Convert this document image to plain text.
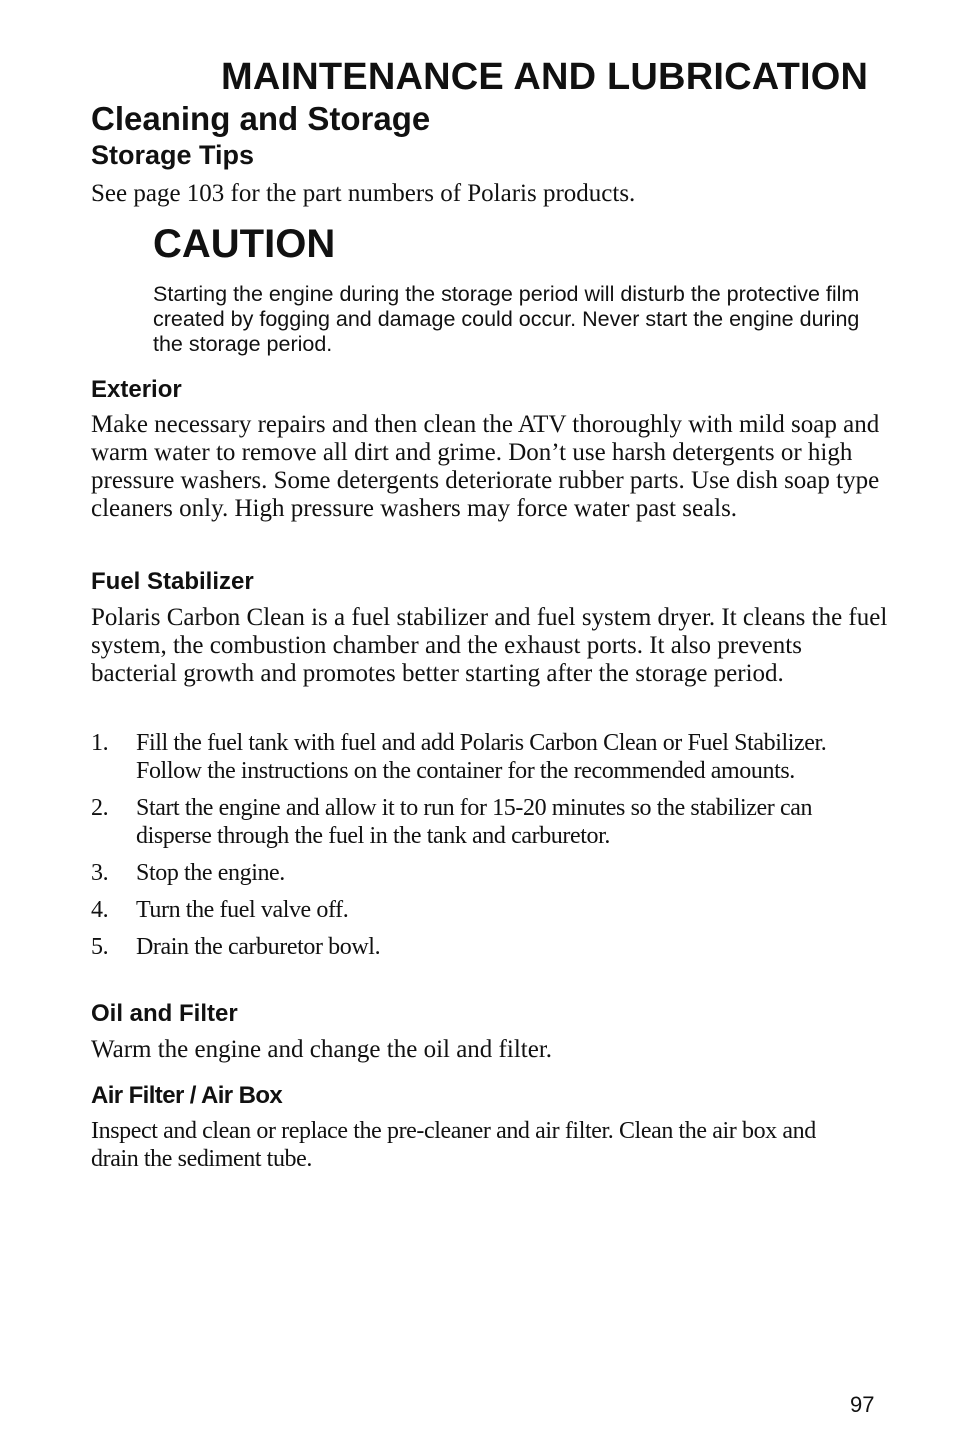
MAINTENANCE AND LUBRICATION
Cleaning and Storage
Storage Tips

See page 103 for the part numbers of Polaris products.

CAUTION

Starting the engine during the storage period will disturb the protective film created by fogging and damage could occur. Never start the engine during the storage period.

Exterior

Make necessary repairs and then clean the ATV thoroughly with mild soap and warm water to remove all dirt and grime. Don’t use harsh detergents or high pressure washers. Some detergents deteriorate rubber parts. Use dish soap type cleaners only. High pressure washers may force water past seals.

Fuel Stabilizer

Polaris Carbon Clean is a fuel stabilizer and fuel system dryer. It cleans the fuel system, the combustion chamber and the exhaust ports. It also prevents bacterial growth and promotes better starting after the storage period.

1. Fill the fuel tank with fuel and add Polaris Carbon Clean or Fuel Stabilizer. Follow the instructions on the container for the recommended amounts.
2. Start the engine and allow it to run for 15-20 minutes so the stabilizer can disperse through the fuel in the tank and carburetor.
3. Stop the engine.
4. Turn the fuel valve off.
5. Drain the carburetor bowl.
Oil and Filter

Warm the engine and change the oil and filter.

Air Filter / Air Box

Inspect and clean or replace the pre-cleaner and air filter. Clean the air box and drain the sediment tube.

97
